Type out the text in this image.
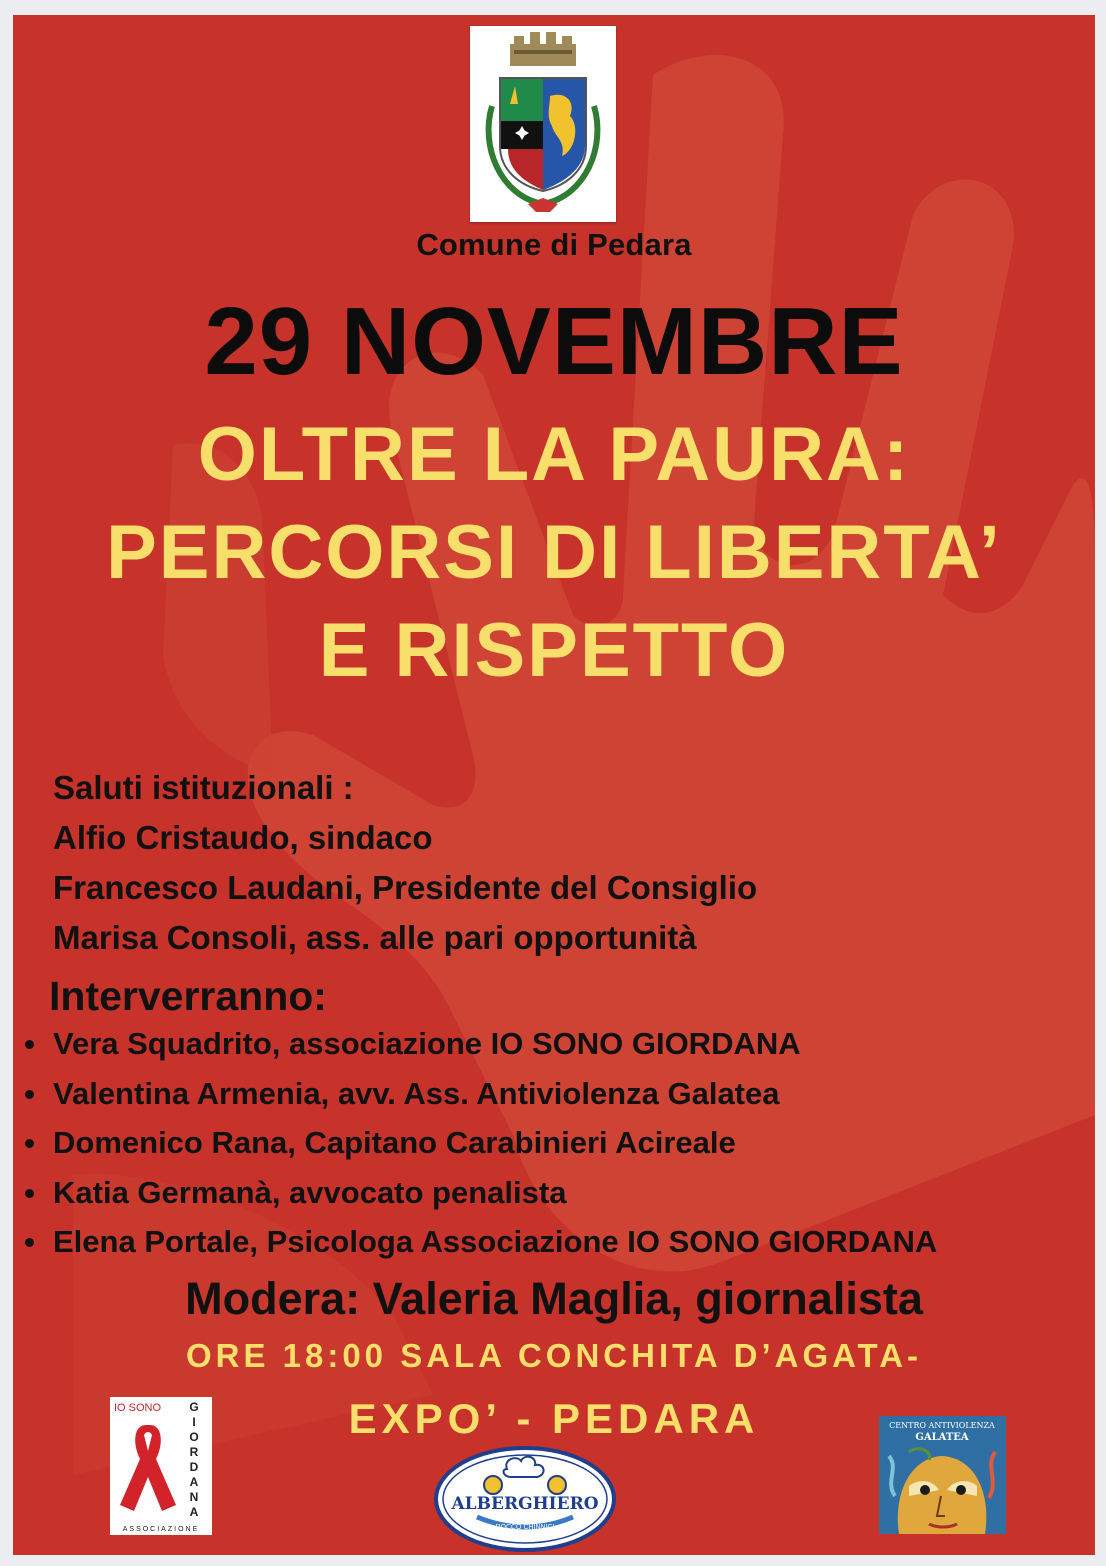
Comune di Pedara
29 NOVEMBRE
OLTRE LA PAURA:
PERCORSI DI LIBERTA’
E RISPETTO
Saluti istituzionali :
Alfio Cristaudo, sindaco
Francesco Laudani, Presidente del Consiglio
Marisa Consoli, ass. alle pari opportunità
Interverranno:
Vera Squadrito, associazione IO SONO GIORDANA
Valentina Armenia, avv. Ass. Antiviolenza Galatea
Domenico Rana, Capitano Carabinieri Acireale
Katia Germanà, avvocato penalista
Elena Portale, Psicologa Associazione IO SONO GIORDANA
Modera: Valeria Maglia, giornalista
ORE 18:00 SALA CONCHITA D’AGATA-
EXPO’ - PEDARA
IO SONO G
I
O
R
D
A
N
A
ASSOCIAZIONE
ALBERGHIERO
ROCCO CHINNICI
CENTRO ANTIVIOLENZA
GALATEA
